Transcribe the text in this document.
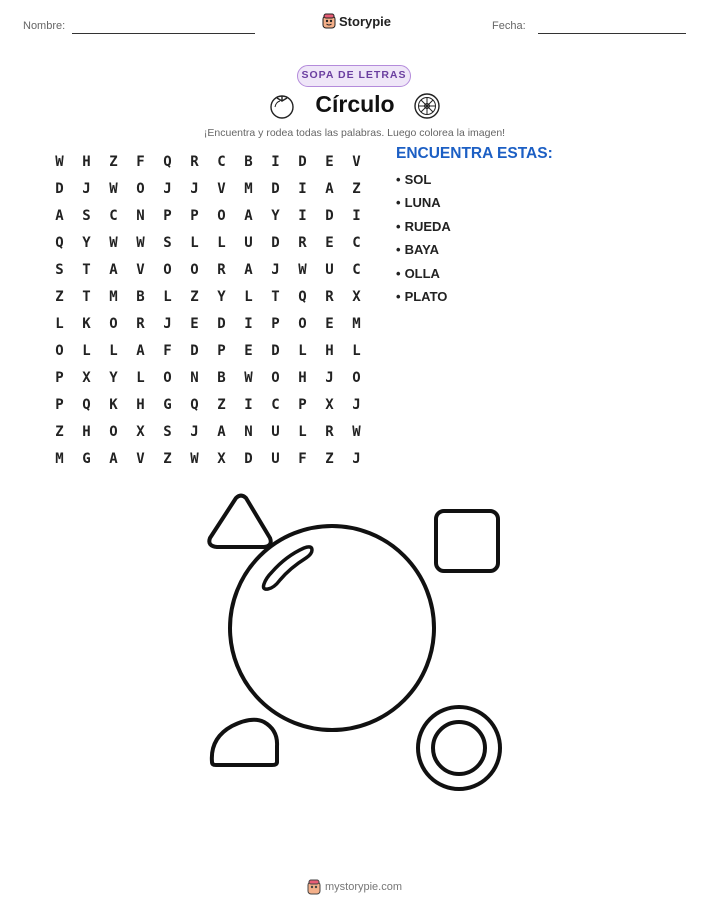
Nombre:	Storypie	Fecha:
SOPA DE LETRAS
Círculo
¡Encuentra y rodea todas las palabras. Luego colorea la imagen!
W	H	Z	F	Q	R	C	B	I	D	E	V
D	J	W	O	J	J	V	M	D	I	A	Z
A	S	C	N	P	P	O	A	Y	I	D	I
Q	Y	W	W	S	L	L	U	D	R	E	C
S	T	A	V	O	O	R	A	J	W	U	C
Z	T	M	B	L	Z	Y	L	T	Q	R	X
L	K	O	R	J	E	D	I	P	O	E	M
O	L	L	A	F	D	P	E	D	L	H	L
P	X	Y	L	O	N	B	W	O	H	J	O
P	Q	K	H	G	Q	Z	I	C	P	X	J
Z	H	O	X	S	J	A	N	U	L	R	W
M	G	A	V	Z	W	X	D	U	F	Z	J
ENCUENTRA ESTAS:
• SOL
• LUNA
• RUEDA
• BAYA
• OLLA
• PLATO
mystorypie.com
